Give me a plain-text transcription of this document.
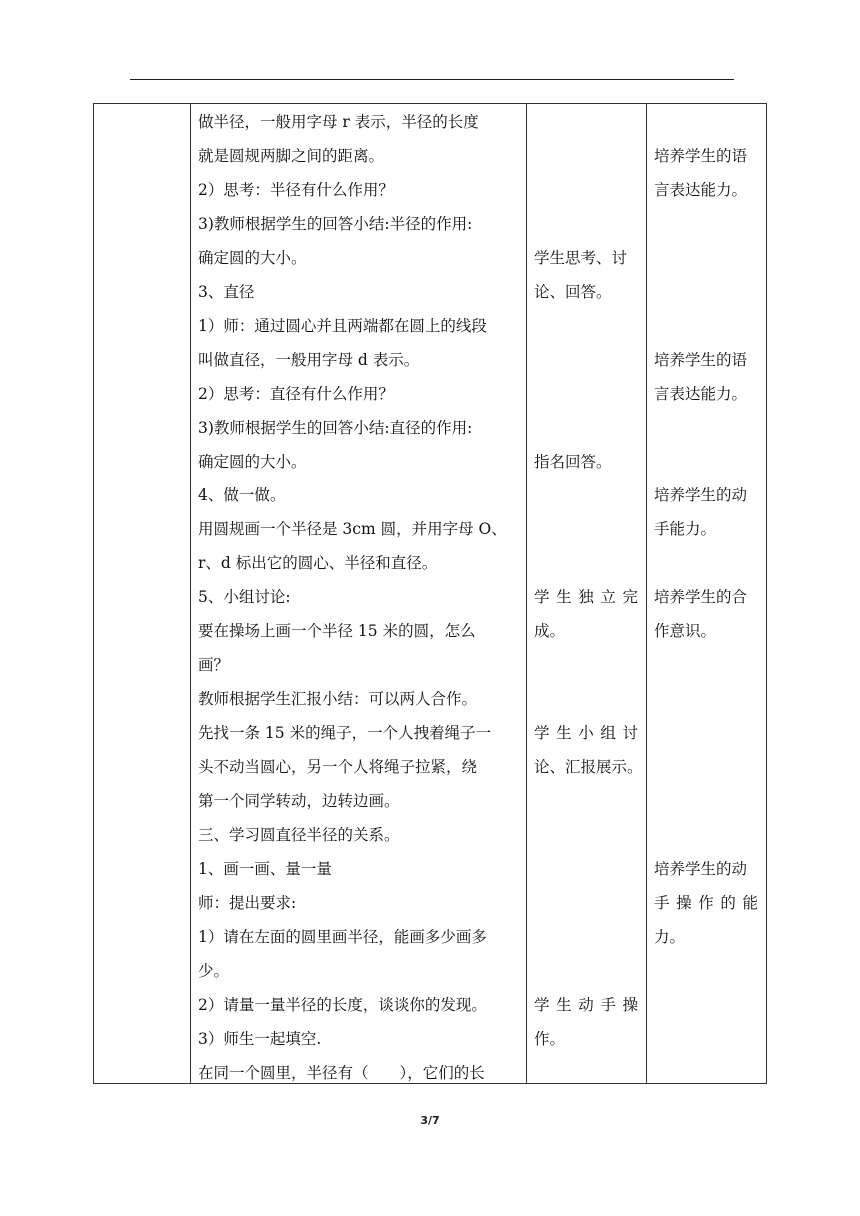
做半径，一般用字母 r 表示，半径的长度
就是圆规两脚之间的距离。
2）思考：半径有什么作用？
3)教师根据学生的回答小结:半径的作用:
确定圆的大小。
3、直径
1）师：通过圆心并且两端都在圆上的线段
叫做直径，一般用字母 d 表示。
2）思考：直径有什么作用？
3)教师根据学生的回答小结:直径的作用:
确定圆的大小。
4、做一做。
用圆规画一个半径是 3cm 圆，并用字母 O、
r、d 标出它的圆心、半径和直径。
5、小组讨论:
要在操场上画一个半径 15 米的圆，怎么
画？
教师根据学生汇报小结：可以两人合作。
先找一条 15 米的绳子，一个人拽着绳子一
头不动当圆心，另一个人将绳子拉紧，绕
第一个同学转动，边转边画。
三、学习圆直径半径的关系。
1、画一画、量一量
师：提出要求:
1）请在左面的圆里画半径，能画多少画多
少。
2）请量一量半径的长度，谈谈你的发现。
3）师生一起填空.
在同一个圆里，半径有（　　），它们的长
学生思考、讨
论、回答。
指名回答。
学 生 独 立 完
成。
学 生 小 组 讨
论、汇报展示。
学 生 动 手 操
作。
培养学生的语
言表达能力。
培养学生的语
言表达能力。
培养学生的动
手能力。
培养学生的合
作意识。
培养学生的动
手 操 作 的 能
力。
3/7
